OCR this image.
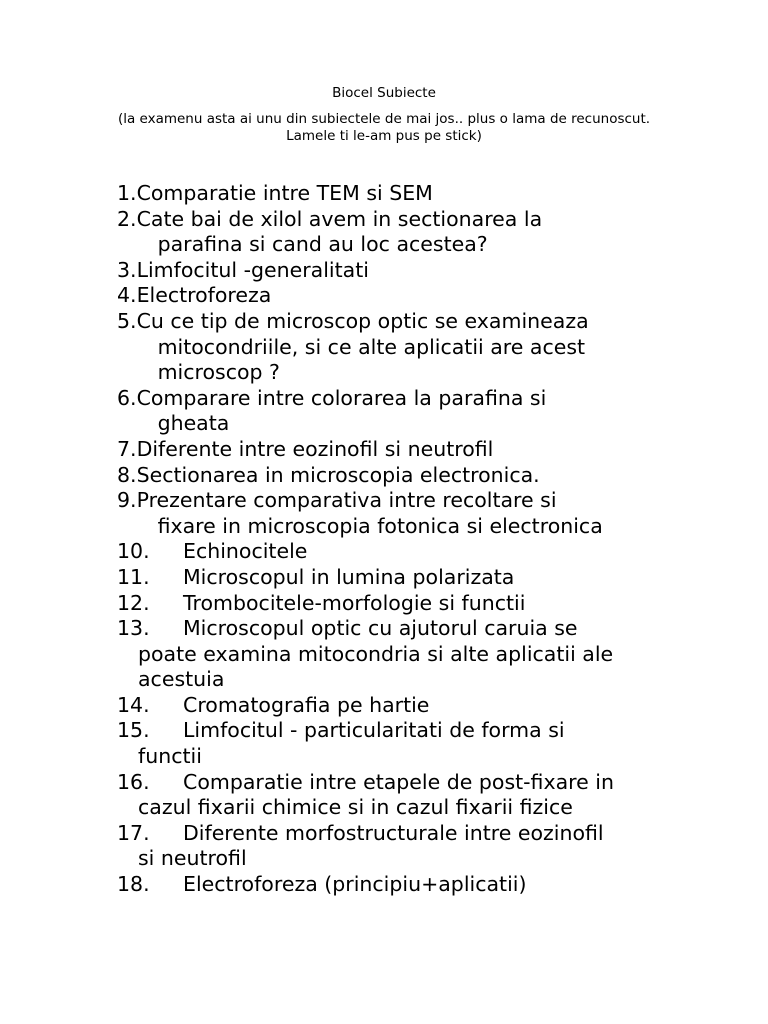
Biocel Subiecte
(la examenu asta ai unu din subiectele de mai jos.. plus o lama de recunoscut. Lamele ti le-am pus pe stick)
1. Comparatie intre TEM si SEM
2. Cate bai de xilol avem in sectionarea la
parafina si cand au loc acestea?
3. Limfocitul -generalitati
4. Electroforeza
5. Cu ce tip de microscop optic se examineaza
mitocondriile, si ce alte aplicatii are acest
microscop ?
6. Comparare intre colorarea la parafina si
gheata
7. Diferente intre eozinofil si neutrofil
8. Sectionarea in microscopia electronica.
9. Prezentare comparativa intre recoltare si
fixare in microscopia fotonica si electronica
10.	Echinocitele
11.	Microscopul in lumina polarizata
12.	Trombocitele-morfologie si functii
13.	Microscopul optic cu ajutorul caruia se
poate examina mitocondria si alte aplicatii ale
acestuia
14.	Cromatografia pe hartie
15.	Limfocitul - particularitati de forma si
functii
16.	Comparatie intre etapele de post-fixare in
cazul fixarii chimice si in cazul fixarii fizice
17.	Diferente morfostructurale intre eozinofil
si neutrofil
18.	Electroforeza (principiu+aplicatii)
